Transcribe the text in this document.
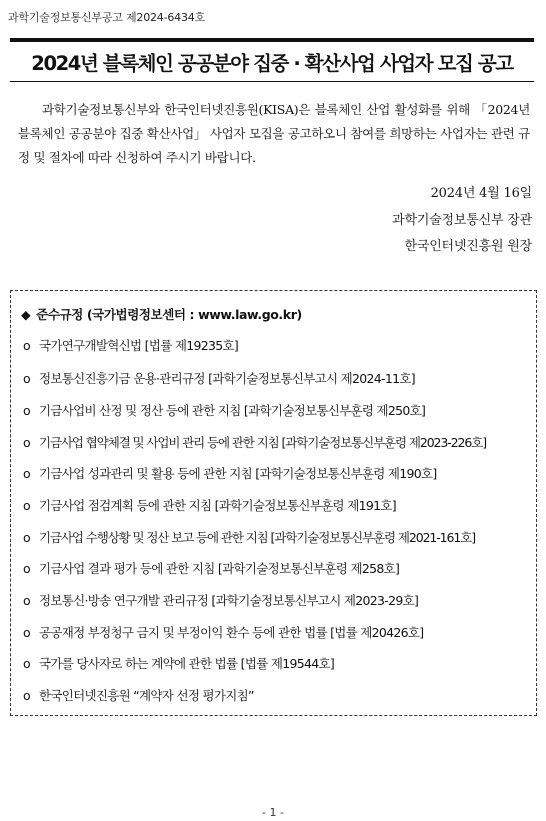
과학기술정보통신부공고 제2024-6434호
2024년 블록체인 공공분야 집중 · 확산사업 사업자 모집 공고
과학기술정보통신부와 한국인터넷진흥원(KISA)은 블록체인 산업 활성화를 위해 「2024년 블록체인 공공분야 집중 확산사업」 사업자 모집을 공고하오니 참여를 희망하는 사업자는 관련 규정 및 절차에 따라 신청하여 주시기 바랍니다.
2024년 4월 16일
과학기술정보통신부 장관
한국인터넷진흥원 원장
◆ 준수규정 (국가법령정보센터 : www.law.go.kr)
o 국가연구개발혁신법 [법률 제19235호]
o 정보통신진흥기금 운용·관리규정 [과학기술정보통신부고시 제2024-11호]
o 기금사업비 산정 및 정산 등에 관한 지침 [과학기술정보통신부훈령 제250호]
o 기금사업 협약체결 및 사업비 관리 등에 관한 지침 [과학기술정보통신부훈령 제2023-226호]
o 기금사업 성과관리 및 활용 등에 관한 지침 [과학기술정보통신부훈령 제190호]
o 기금사업 점검계획 등에 관한 지침 [과학기술정보통신부훈령 제191호]
o 기금사업 수행상황 및 정산 보고 등에 관한 지침 [과학기술정보통신부훈령 제2021-161호]
o 기금사업 결과 평가 등에 관한 지침 [과학기술정보통신부훈령 제258호]
o 정보통신·방송 연구개발 관리규정 [과학기술정보통신부고시 제2023-29호]
o 공공재정 부정청구 금지 및 부정이익 환수 등에 관한 법률 [법률 제20426호]
o 국가를 당사자로 하는 계약에 관한 법률 [법률 제19544호]
o 한국인터넷진흥원 “계약자 선정 평가지침”
- 1 -
